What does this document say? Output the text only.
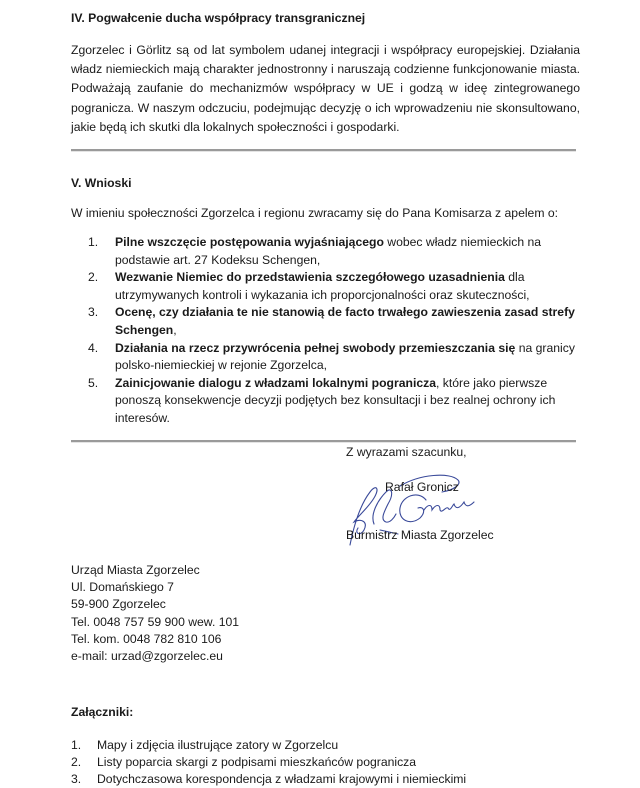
IV. Pogwałcenie ducha współpracy transgranicznej
Zgorzelec i Görlitz są od lat symbolem udanej integracji i współpracy europejskiej. Działania
władz niemieckich mają charakter jednostronny i naruszają codzienne funkcjonowanie miasta.
Podważają zaufanie do mechanizmów współpracy w UE i godzą w ideę zintegrowanego
pogranicza. W naszym odczuciu, podejmując decyzję o ich wprowadzeniu nie skonsultowano,
jakie będą ich skutki dla lokalnych społeczności i gospodarki.
V. Wnioski
W imieniu społeczności Zgorzelca i regionu zwracamy się do Pana Komisarza z apelem o:
1. Pilne wszczęcie postępowania wyjaśniającego wobec władz niemieckich na podstawie art. 27 Kodeksu Schengen,
2. Wezwanie Niemiec do przedstawienia szczegółowego uzasadnienia dla utrzymywanych kontroli i wykazania ich proporcjonalności oraz skuteczności,
3. Ocenę, czy działania te nie stanowią de facto trwałego zawieszenia zasad strefy Schengen,
4. Działania na rzecz przywrócenia pełnej swobody przemieszczania się na granicy polsko-niemieckiej w rejonie Zgorzelca,
5. Zainicjowanie dialogu z władzami lokalnymi pogranicza, które jako pierwsze ponoszą konsekwencje decyzji podjętych bez konsultacji i bez realnej ochrony ich interesów.
Z wyrazami szacunku,
Rafał Gronicz
Burmistrz Miasta Zgorzelec
Urząd Miasta Zgorzelec
Ul. Domańskiego 7
59-900 Zgorzelec
Tel. 0048 757 59 900 wew. 101
Tel. kom. 0048 782 810 106
e-mail: urzad@zgorzelec.eu
Załączniki:
1. Mapy i zdjęcia ilustrujące zatory w Zgorzelcu
2. Listy poparcia skargi z podpisami mieszkańców pogranicza
3. Dotychczasowa korespondencja z władzami krajowymi i niemieckimi
